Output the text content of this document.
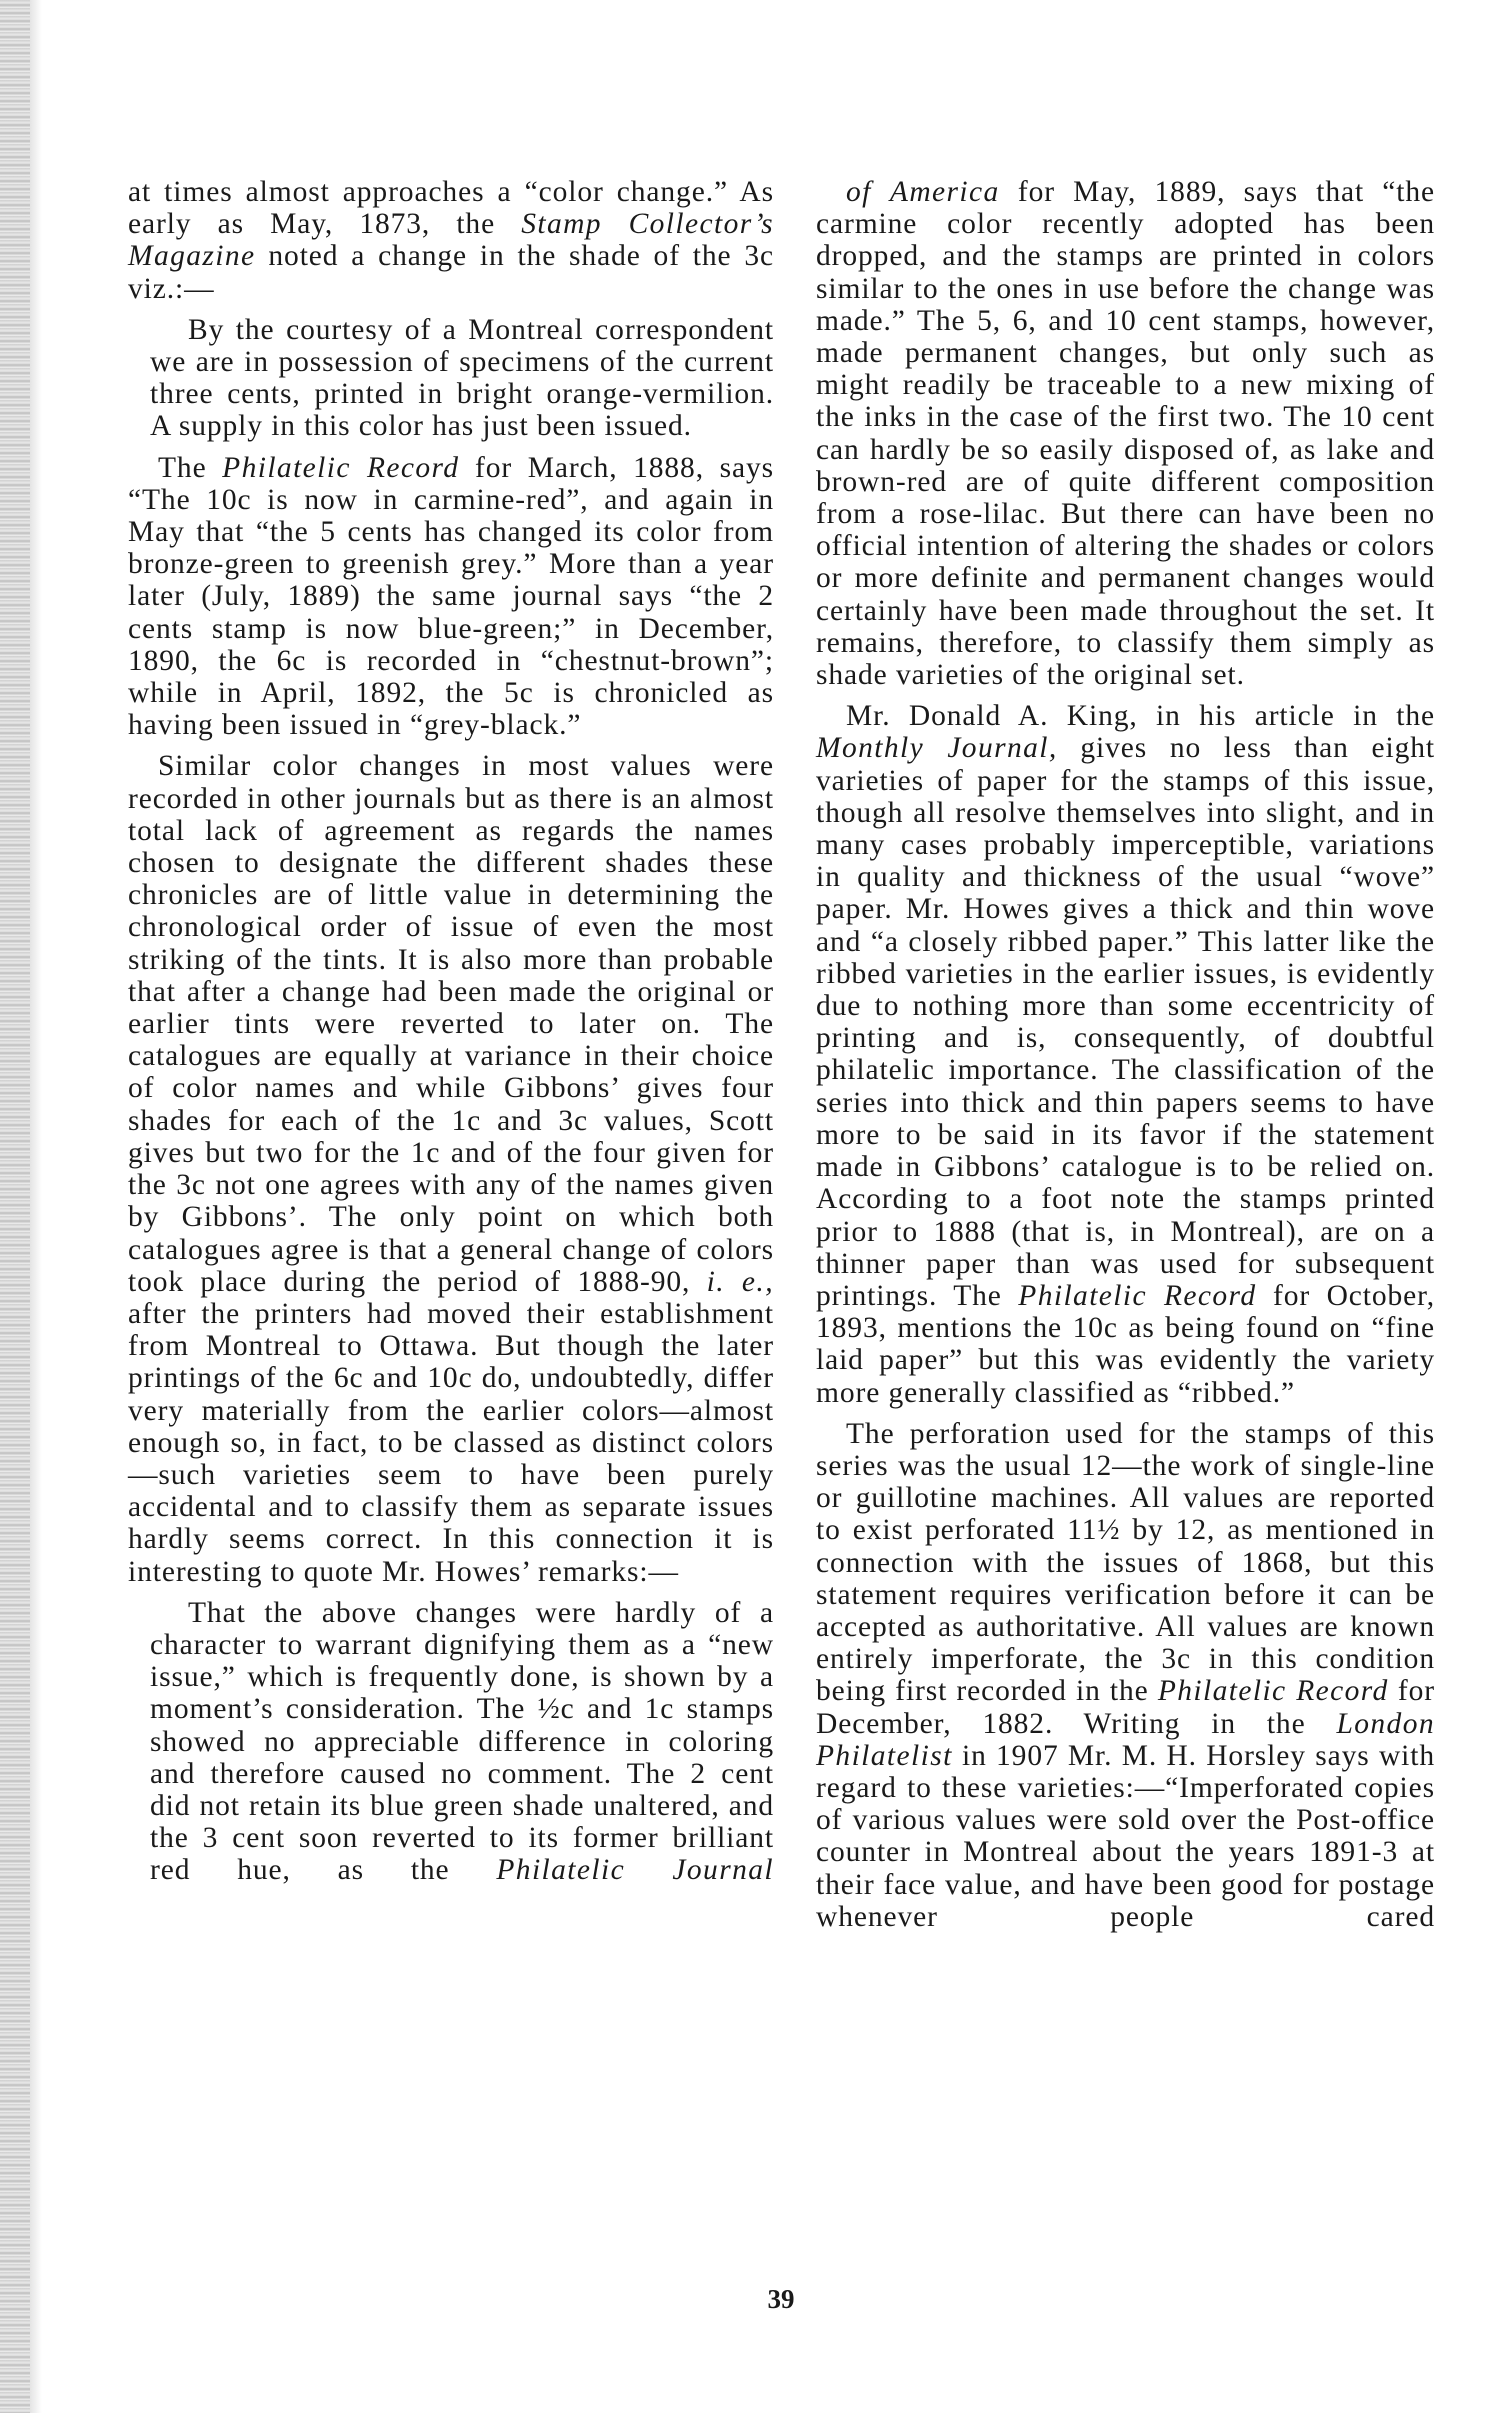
at times almost approaches a “color change.” As early as May, 1873, the Stamp Collector’s Magazine noted a change in the shade of the 3c viz.:—

By the courtesy of a Montreal correspondent we are in possession of specimens of the current three cents, printed in bright orange-vermilion. A supply in this color has just been issued.

The Philatelic Record for March, 1888, says “The 10c is now in carmine-red”, and again in May that “the 5 cents has changed its color from bronze-green to greenish grey.” More than a year later (July, 1889) the same journal says “the 2 cents stamp is now blue-green;” in December, 1890, the 6c is recorded in “chestnut-brown”; while in April, 1892, the 5c is chronicled as having been issued in “grey-black.”

Similar color changes in most values were recorded in other journals but as there is an almost total lack of agreement as regards the names chosen to designate the different shades these chronicles are of little value in determining the chronological order of issue of even the most striking of the tints. It is also more than probable that after a change had been made the original or earlier tints were reverted to later on. The catalogues are equally at variance in their choice of color names and while Gibbons’ gives four shades for each of the 1c and 3c values, Scott gives but two for the 1c and of the four given for the 3c not one agrees with any of the names given by Gibbons’. The only point on which both catalogues agree is that a general change of colors took place during the period of 1888-90, i. e., after the printers had moved their establishment from Montreal to Ottawa. But though the later printings of the 6c and 10c do, undoubtedly, differ very materially from the earlier colors—almost enough so, in fact, to be classed as distinct colors—such varieties seem to have been purely accidental and to classify them as separate issues hardly seems correct. In this connection it is interesting to quote Mr. Howes’ remarks:—

That the above changes were hardly of a character to warrant dignifying them as a “new issue,” which is frequently done, is shown by a moment’s consideration. The ½c and 1c stamps showed no appreciable difference in coloring and therefore caused no comment. The 2 cent did not retain its blue green shade unaltered, and the 3 cent soon reverted to its former brilliant red hue, as the Philatelic Journal

of America for May, 1889, says that “the carmine color recently adopted has been dropped, and the stamps are printed in colors similar to the ones in use before the change was made.” The 5, 6, and 10 cent stamps, however, made permanent changes, but only such as might readily be traceable to a new mixing of the inks in the case of the first two. The 10 cent can hardly be so easily disposed of, as lake and brown-red are of quite different composition from a rose-lilac. But there can have been no official intention of altering the shades or colors or more definite and permanent changes would certainly have been made throughout the set. It remains, therefore, to classify them simply as shade varieties of the original set.

Mr. Donald A. King, in his article in the Monthly Journal, gives no less than eight varieties of paper for the stamps of this issue, though all resolve themselves into slight, and in many cases probably imperceptible, variations in quality and thickness of the usual “wove” paper. Mr. Howes gives a thick and thin wove and “a closely ribbed paper.” This latter like the ribbed varieties in the earlier issues, is evidently due to nothing more than some eccentricity of printing and is, consequently, of doubtful philatelic importance. The classification of the series into thick and thin papers seems to have more to be said in its favor if the statement made in Gibbons’ catalogue is to be relied on. According to a foot note the stamps printed prior to 1888 (that is, in Montreal), are on a thinner paper than was used for subsequent printings. The Philatelic Record for October, 1893, mentions the 10c as being found on “fine laid paper” but this was evidently the variety more generally classified as “ribbed.”

The perforation used for the stamps of this series was the usual 12—the work of single-line or guillotine machines. All values are reported to exist perforated 11½ by 12, as mentioned in connection with the issues of 1868, but this statement requires verification before it can be accepted as authoritative. All values are known entirely imperforate, the 3c in this condition being first recorded in the Philatelic Record for December, 1882. Writing in the London Philatelist in 1907 Mr. M. H. Horsley says with regard to these varieties:—“Imperforated copies of various values were sold over the Post-office counter in Montreal about the years 1891-3 at their face value, and have been good for postage whenever people cared

39
